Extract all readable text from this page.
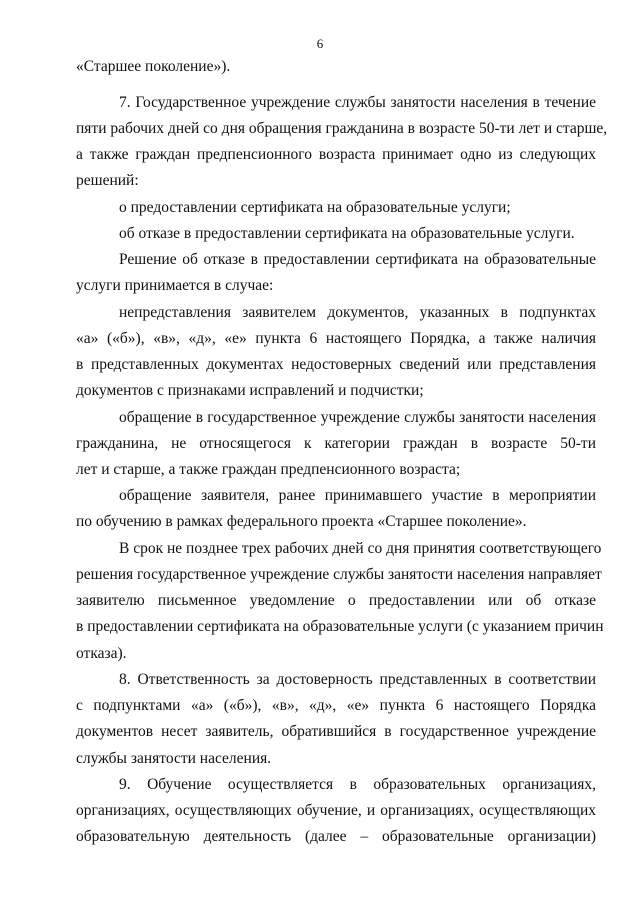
6
«Старшее поколение»).
7. Государственное учреждение службы занятости населения в течение
пяти рабочих дней со дня обращения гражданина в возрасте 50-ти лет и старше,
а также граждан предпенсионного возраста принимает одно из следующих
решений:
о предоставлении сертификата на образовательные услуги;
об отказе в предоставлении сертификата на образовательные услуги.
Решение об отказе в предоставлении сертификата на образовательные
услуги принимается в случае:
непредставления заявителем документов, указанных в подпунктах
«а» («б»), «в», «д», «е» пункта 6 настоящего Порядка, а также наличия
в представленных документах недостоверных сведений или представления
документов с признаками исправлений и подчистки;
обращение в государственное учреждение службы занятости населения
гражданина, не относящегося к категории граждан в возрасте 50-ти
лет и старше, а также граждан предпенсионного возраста;
обращение заявителя, ранее принимавшего участие в мероприятии
по обучению в рамках федерального проекта «Старшее поколение».
В срок не позднее трех рабочих дней со дня принятия соответствующего
решения государственное учреждение службы занятости населения направляет
заявителю письменное уведомление о предоставлении или об отказе
в предоставлении сертификата на образовательные услуги (с указанием причин
отказа).
8. Ответственность за достоверность представленных в соответствии
с подпунктами «а» («б»), «в», «д», «е» пункта 6 настоящего Порядка
документов несет заявитель, обратившийся в государственное учреждение
службы занятости населения.
9. Обучение осуществляется в образовательных организациях,
организациях, осуществляющих обучение, и организациях, осуществляющих
образовательную деятельность (далее – образовательные организации)
